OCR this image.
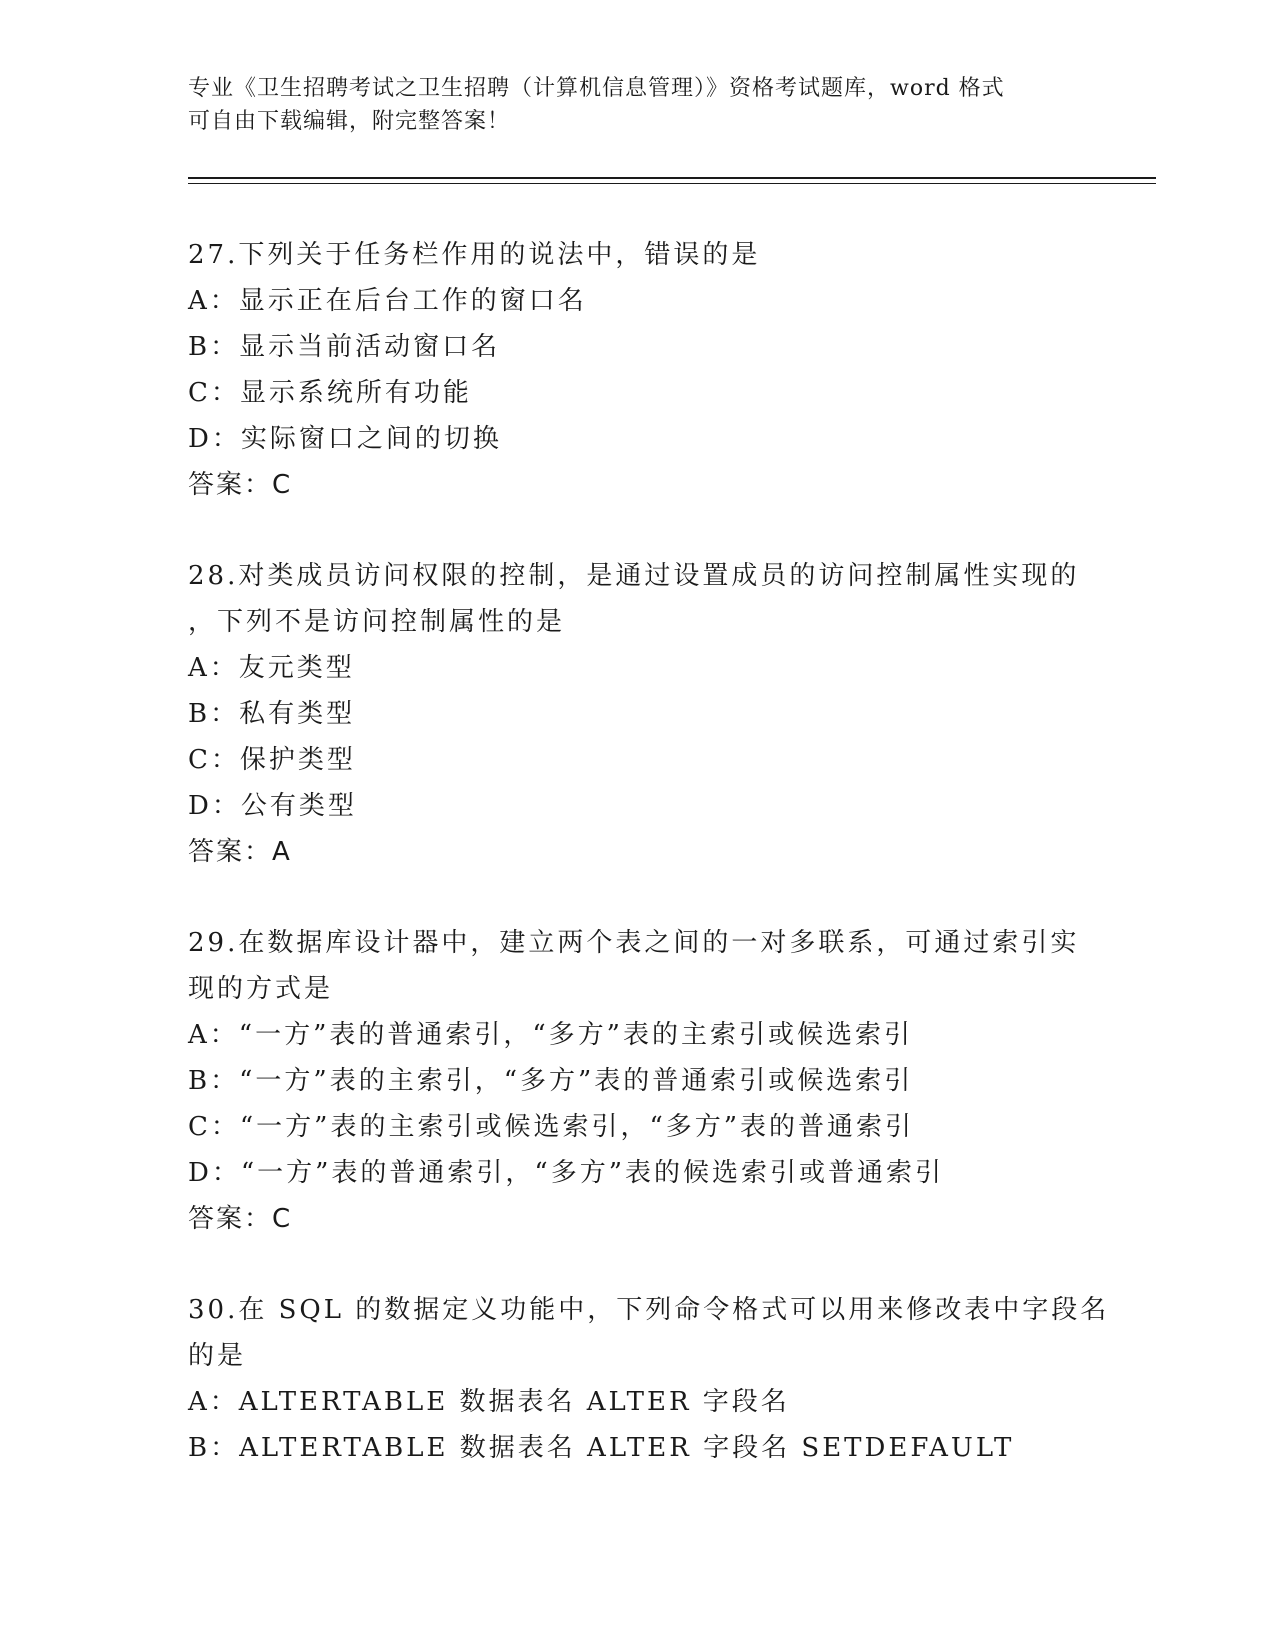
专业《卫生招聘考试之卫生招聘（计算机信息管理）》资格考试题库，word 格式
可自由下载编辑，附完整答案！
27.下列关于任务栏作用的说法中，错误的是
A：显示正在后台工作的窗口名
B：显示当前活动窗口名
C：显示系统所有功能
D：实际窗口之间的切换
答案：C
28.对类成员访问权限的控制，是通过设置成员的访问控制属性实现的
，下列不是访问控制属性的是
A：友元类型
B：私有类型
C：保护类型
D：公有类型
答案：A
29.在数据库设计器中，建立两个表之间的一对多联系，可通过索引实
现的方式是
A：“一方”表的普通索引，“多方”表的主索引或候选索引
B：“一方”表的主索引，“多方”表的普通索引或候选索引
C：“一方”表的主索引或候选索引，“多方”表的普通索引
D：“一方”表的普通索引，“多方”表的候选索引或普通索引
答案：C
30.在 SQL 的数据定义功能中，下列命令格式可以用来修改表中字段名
的是
A：ALTERTABLE 数据表名 ALTER 字段名
B：ALTERTABLE 数据表名 ALTER 字段名 SETDEFAULT
